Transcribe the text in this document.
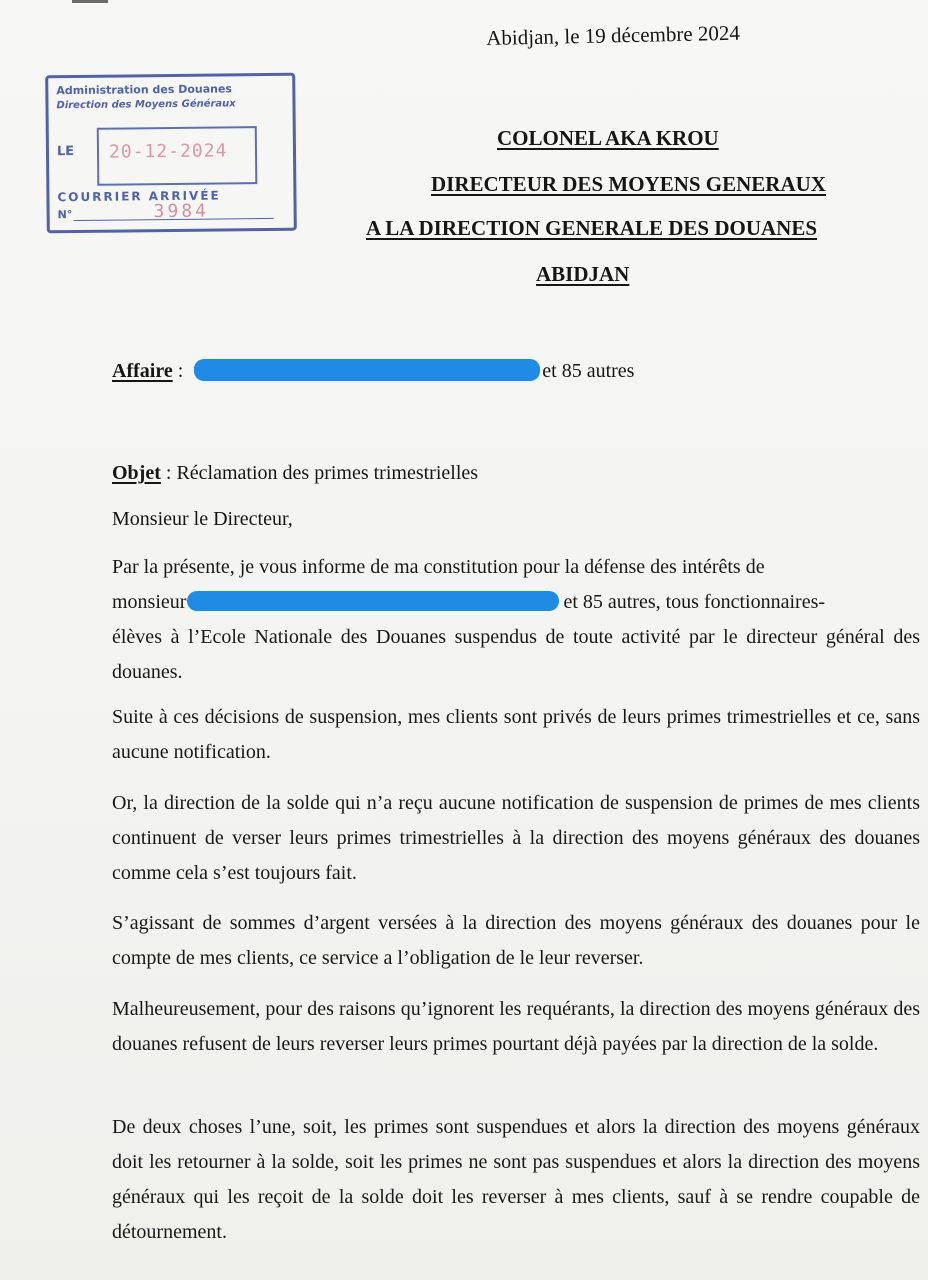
Abidjan, le 19 décembre 2024
Administration des Douanes
Direction des Moyens Généraux
LE 20-12-2024
COURRIER ARRIVÉE
N°	3984
COLONEL AKA KROU
DIRECTEUR DES MOYENS GENERAUX
A LA DIRECTION GENERALE DES DOUANES
ABIDJAN
Affaire :	et 85 autres
Objet : Réclamation des primes trimestrielles
Monsieur le Directeur,
Par la présente, je vous informe de ma constitution pour la défense des intérêts de
monsieur	et 85 autres, tous fonctionnaires-
élèves à l’Ecole Nationale des Douanes suspendus de toute activité par le directeur général des douanes.
Suite à ces décisions de suspension, mes clients sont privés de leurs primes trimestrielles et ce, sans aucune notification.
Or, la direction de la solde qui n’a reçu aucune notification de suspension de primes de mes clients continuent de verser leurs primes trimestrielles à la direction des moyens généraux des douanes comme cela s’est toujours fait.
S’agissant de sommes d’argent versées à la direction des moyens généraux des douanes pour le compte de mes clients, ce service a l’obligation de le leur reverser.
Malheureusement, pour des raisons qu’ignorent les requérants, la direction des moyens généraux des douanes refusent de leurs reverser leurs primes pourtant déjà payées par la direction de la solde.
De deux choses l’une, soit, les primes sont suspendues et alors la direction des moyens généraux doit les retourner à la solde, soit les primes ne sont pas suspendues et alors la direction des moyens généraux qui les reçoit de la solde doit les reverser à mes clients, sauf à se rendre coupable de détournement.
